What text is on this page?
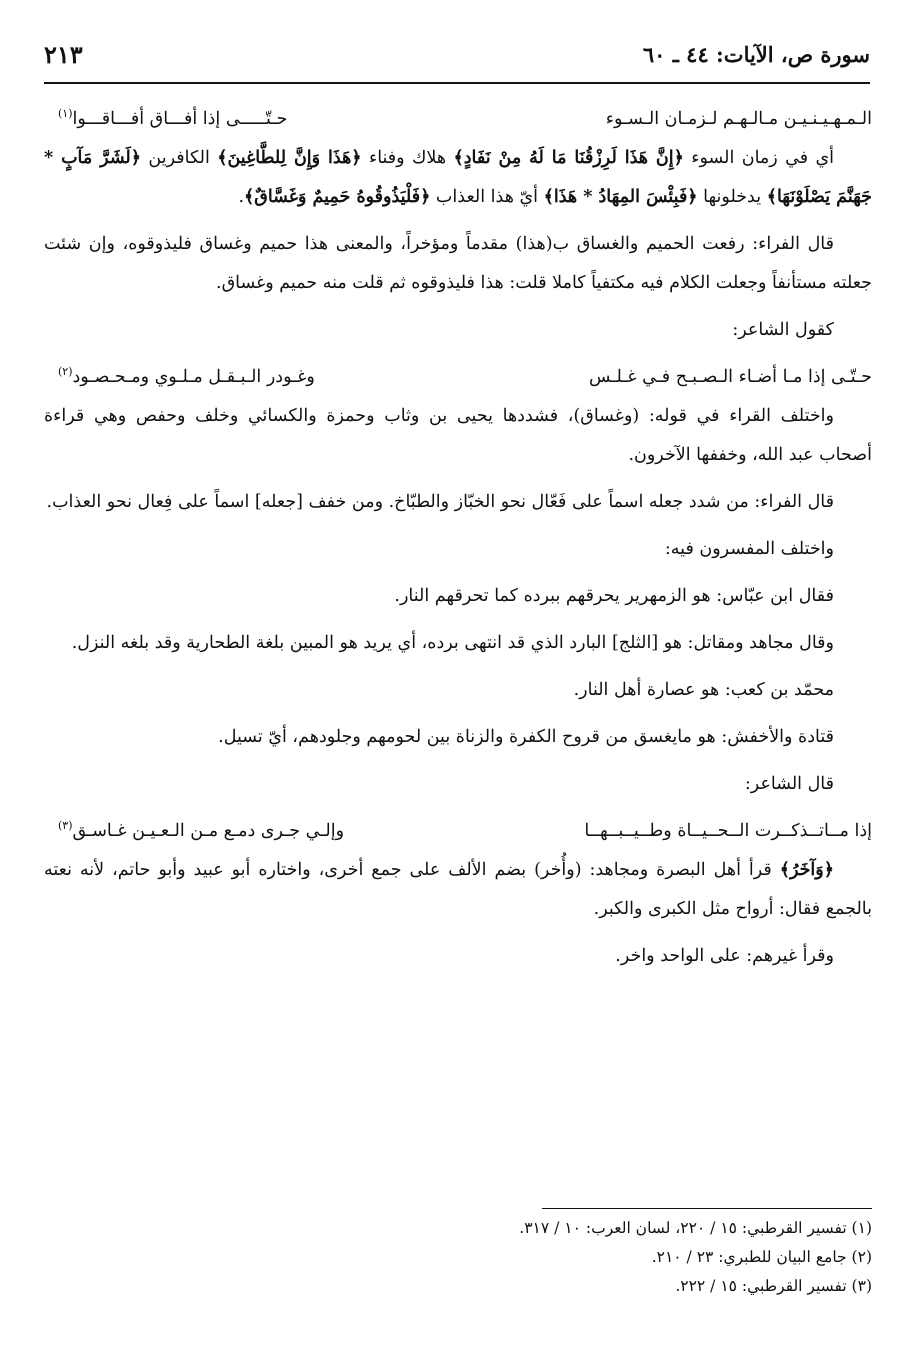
سورة ص، الآيات: ٤٤ ـ ٦٠
٢١٣
الـمـهـيـنـيـن مـالـهـم لـزمـان الـسـوء
حـتّـــــى إذا أفـــاق أفـــاقـــوا$^{(١)}$

أي في زمان السوء ﴿إِنَّ هَذَا لَرِزْقُنَا مَا لَهُ مِنْ نَفَادٍ﴾ هلاك وفناء ﴿هَذَا وَإِنَّ لِلطَّاغِينَ﴾ الكافرين ﴿لَشَرَّ مَآبٍ * جَهَنَّمَ يَصْلَوْنَهَا﴾ يدخلونها ﴿فَبِئْسَ المِهَادُ * هَذَا﴾ أيّ هذا العذاب ﴿فَلْيَذُوقُوهُ حَمِيمٌ وَغَسَّاقٌ﴾.

قال الفراء: رفعت الحميم والغساق ب(هذا) مقدماً ومؤخراً، والمعنى هذا حميم وغساق فليذوقوه، وإن شئت جعلته مستأنفاً وجعلت الكلام فيه مكتفياً كاملا قلت: هذا فليذوقوه ثم قلت منه حميم وغساق.

كقول الشاعر:

حـتّـى إذا مـا أضـاء الـصـبـح فـي غـلـس
وغـودر الـبـقـل مـلـوي ومـحـصـود$^{(٢)}$

واختلف القراء في قوله: (وغساق)، فشددها يحيى بن وثاب وحمزة والكسائي وخلف وحفص وهي قراءة أصحاب عبد الله، وخففها الآخرون.

قال الفراء: من شدد جعله اسماً على فَعّال نحو الخبّاز والطبّاخ. ومن خفف [جعله] اسماً على فِعال نحو العذاب.

واختلف المفسرون فيه:

فقال ابن عبّاس: هو الزمهرير يحرقهم ببرده كما تحرقهم النار.

وقال مجاهد ومقاتل: هو [الثلج] البارد الذي قد انتهى برده، أي يريد هو المبين بلغة الطحارية وقد بلغه النزل.

محمّد بن كعب: هو عصارة أهل النار.

قتادة والأخفش: هو مايغسق من قروح الكفرة والزناة بين لحومهم وجلودهم، أيّ تسيل.

قال الشاعر:

إذا مــاتــذكــرت الــحــيــاة وطــيــبــهــا
وإلـي جـرى دمـع مـن الـعـيـن غـاسـق$^{(٣)}$

﴿وَآخَرُ﴾ قرأ أهل البصرة ومجاهد: (وأُخر) بضم الألف على جمع أخرى، واختاره أبو عبيد وأبو حاتم، لأنه نعته بالجمع فقال: أرواح مثل الكبرى والكبر.

وقرأ غيرهم: على الواحد واخر.

(١) تفسير القرطبي: ١٥ / ٢٢٠، لسان العرب: ١٠ / ٣١٧.
(٢) جامع البيان للطبري: ٢٣ / ٢١٠.
(٣) تفسير القرطبي: ١٥ / ٢٢٢.
